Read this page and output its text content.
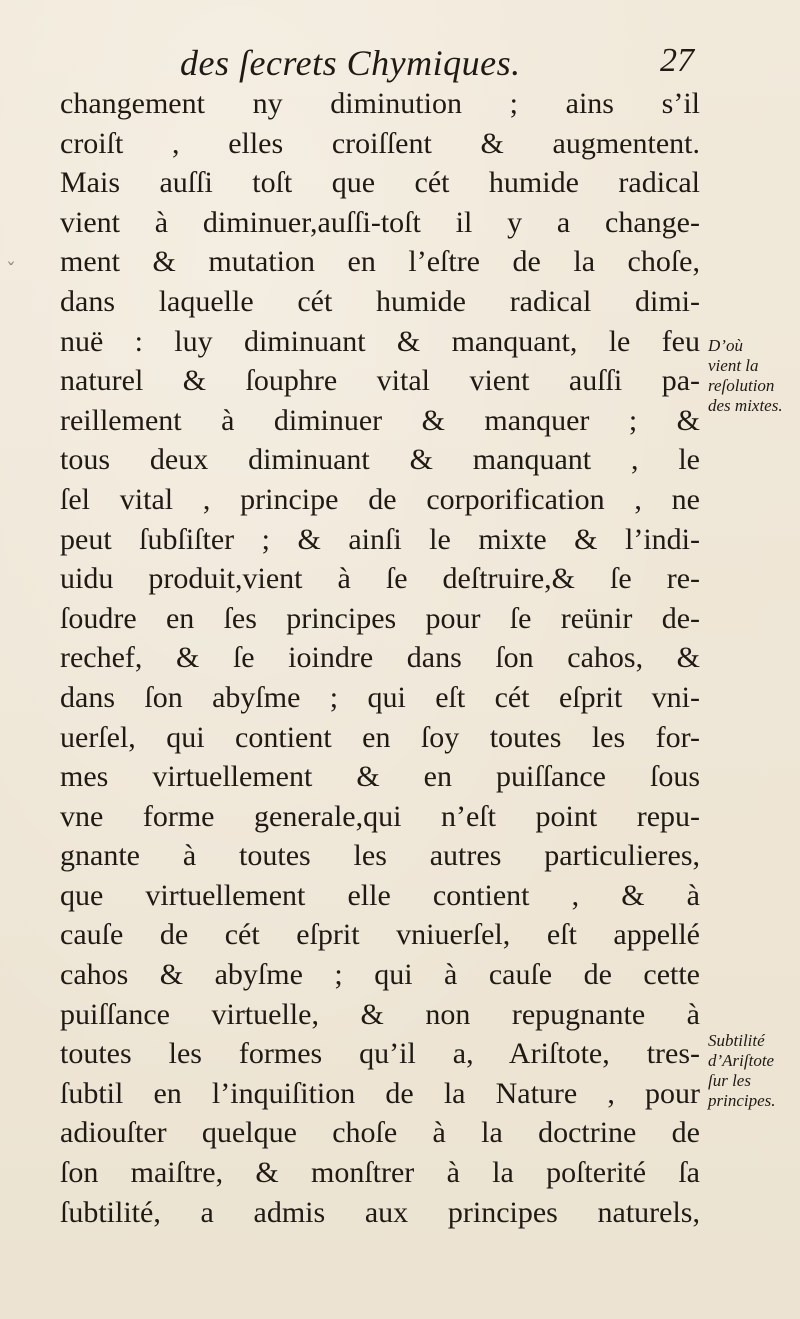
des ſecrets Chymiques.	27
changement ny diminution ; ains s’il
croiſt , elles croiſſent & augmentent.
Mais auſſi toſt que cét humide radical
vient à diminuer,auſſi-toſt il y a change-
ment & mutation en l’eſtre de la choſe,
dans laquelle cét humide radical dimi-
nuë : luy diminuant & manquant, le feu
naturel & ſouphre vital vient auſſi pa-
reillement à diminuer & manquer ; &
tous deux diminuant & manquant , le
ſel vital , principe de corporification , ne
peut ſubſiſter ; & ainſi le mixte & l’indi-
uidu produit,vient à ſe deſtruire,& ſe re-
ſoudre en ſes principes pour ſe reünir de-
rechef, & ſe ioindre dans ſon cahos, &
dans ſon abyſme ; qui eſt cét eſprit vni-
uerſel, qui contient en ſoy toutes les for-
mes virtuellement & en puiſſance ſous
vne forme generale,qui n’eſt point repu-
gnante à toutes les autres particulieres,
que virtuellement elle contient , & à
cauſe de cét eſprit vniuerſel, eſt appellé
cahos & abyſme ; qui à cauſe de cette
puiſſance virtuelle, & non repugnante à
toutes les formes qu’il a, Ariſtote, tres-
ſubtil en l’inquiſition de la Nature , pour
adiouſter quelque choſe à la doctrine de
ſon maiſtre, & monſtrer à la poſterité ſa
ſubtilité, a admis aux principes naturels,
D’où
vient la
reſolution
des mixtes.
Subtilité
d’Ariſtote
ſur les
principes.
ˇ
